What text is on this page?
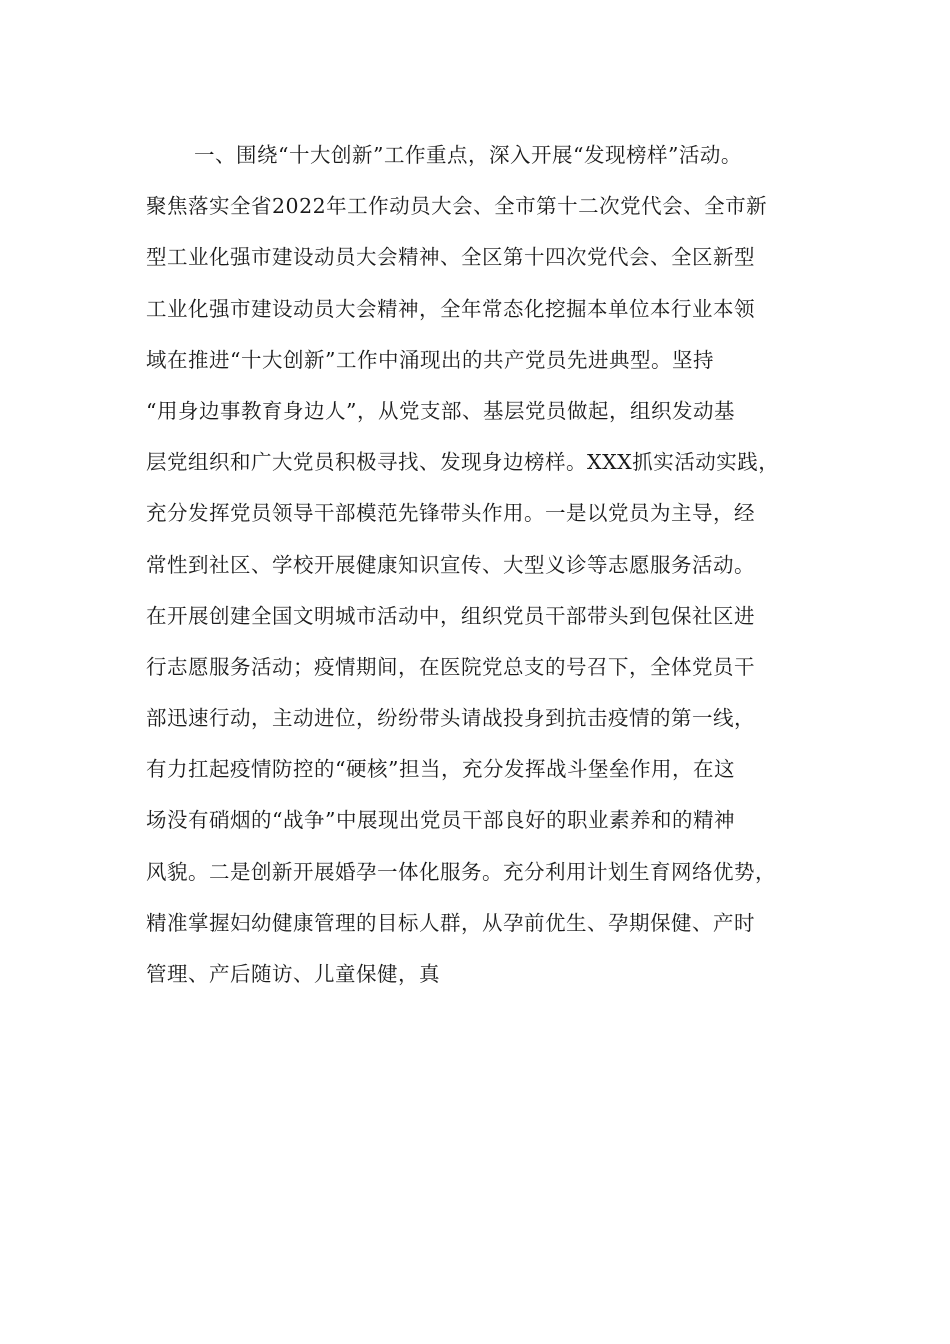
一、围绕“十大创新”工作重点，深入开展“发现榜样”活动。
聚焦落实全省2022年工作动员大会、全市第十二次党代会、全市新
型工业化强市建设动员大会精神、全区第十四次党代会、全区新型
工业化强市建设动员大会精神，全年常态化挖掘本单位本行业本领
域在推进“十大创新”工作中涌现出的共产党员先进典型。坚持
“用身边事教育身边人”，从党支部、基层党员做起，组织发动基
层党组织和广大党员积极寻找、发现身边榜样。XXX抓实活动实践，
充分发挥党员领导干部模范先锋带头作用。一是以党员为主导，经
常性到社区、学校开展健康知识宣传、大型义诊等志愿服务活动。
在开展创建全国文明城市活动中，组织党员干部带头到包保社区进
行志愿服务活动；疫情期间，在医院党总支的号召下，全体党员干
部迅速行动，主动进位，纷纷带头请战投身到抗击疫情的第一线，
有力扛起疫情防控的“硬核”担当，充分发挥战斗堡垒作用，在这
场没有硝烟的“战争”中展现出党员干部良好的职业素养和的精神
风貌。二是创新开展婚孕一体化服务。充分利用计划生育网络优势，
精准掌握妇幼健康管理的目标人群，从孕前优生、孕期保健、产时
管理、产后随访、儿童保健，真
